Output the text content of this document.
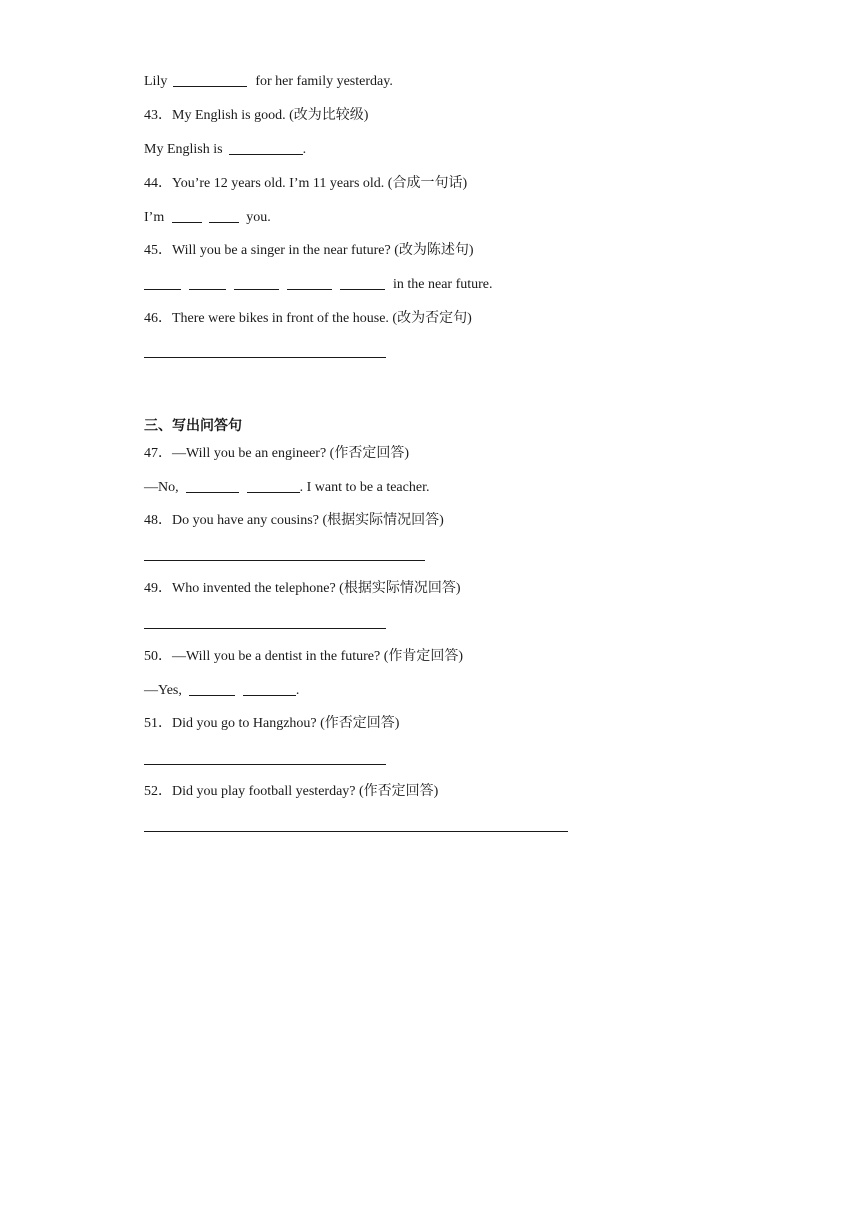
Lily	for her family yesterday.
43．My English is good. (改为比较级)
My English is	.
44．You’re 12 years old. I’m 11 years old. (合成一句话)
I’m	you.
45．Will you be a singer in the near future? (改为陈述句)
in the near future.
46．There were bikes in front of the house. (改为否定句)
三、写出问答句
47．—Will you be an engineer? (作否定回答)
—No,	. I want to be a teacher.
48．Do you have any cousins? (根据实际情况回答)
49．Who invented the telephone? (根据实际情况回答)
50．—Will you be a dentist in the future? (作肯定回答)
—Yes,	.
51．Did you go to Hangzhou? (作否定回答)
52．Did you play football yesterday? (作否定回答)
